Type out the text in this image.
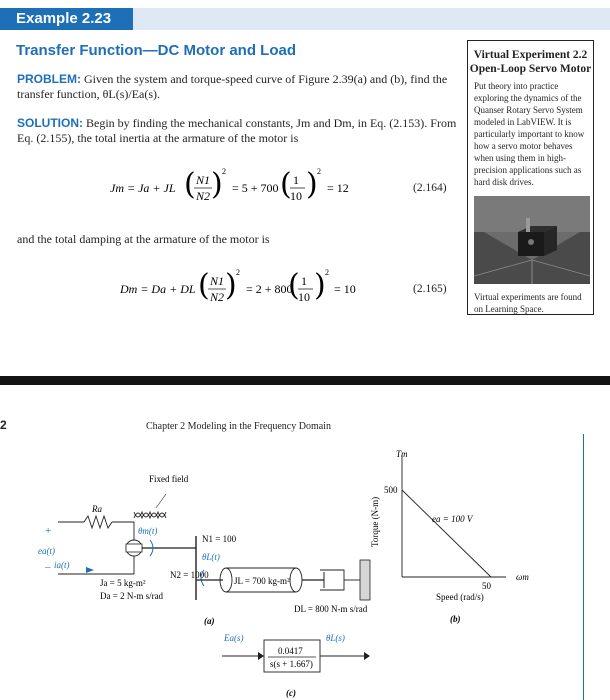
Example 2.23
Transfer Function—DC Motor and Load
PROBLEM: Given the system and torque-speed curve of Figure 2.39(a) and (b), find the transfer function, θL(s)/Ea(s).
SOLUTION: Begin by finding the mechanical constants, Jm and Dm, in Eq. (2.153). From Eq. (2.155), the total inertia at the armature of the motor is
Jm = Ja + JL ( N1
N2 ) 2
= 5 + 700 ( 1
10 ) 2
= 12	(2.164)
and the total damping at the armature of the motor is
Dm = Da + DL ( N1
N2 ) 2
= 2 + 800
( 1
10 ) 2
= 10	(2.165)
Virtual Experiment 2.2
Open-Loop Servo Motor
Put theory into practice exploring the dynamics of the Quanser Rotary Servo System modeled in LabVIEW. It is particularly important to know how a servo motor behaves when using them in high-precision applications such as hard disk drives.
Virtual experiments are found on Learning Space.
2	Chapter 2 Modeling in the Frequency Domain
Fixed field
Ra
+
ea(t)
– ia(t)
θm(t)
N1 = 100
θL(t)
N2 = 1000
JL = 700 kg-m²
DL = 800 N-m s/rad
Ja = 5 kg-m²
Da = 2 N-m s/rad
(a)
Tm
ωm
Torque (N-m)
Speed (rad/s)
500
50
ea = 100 V
(b)
Ea(s)
0.0417
s(s + 1.667)
θL(s)
(c)
